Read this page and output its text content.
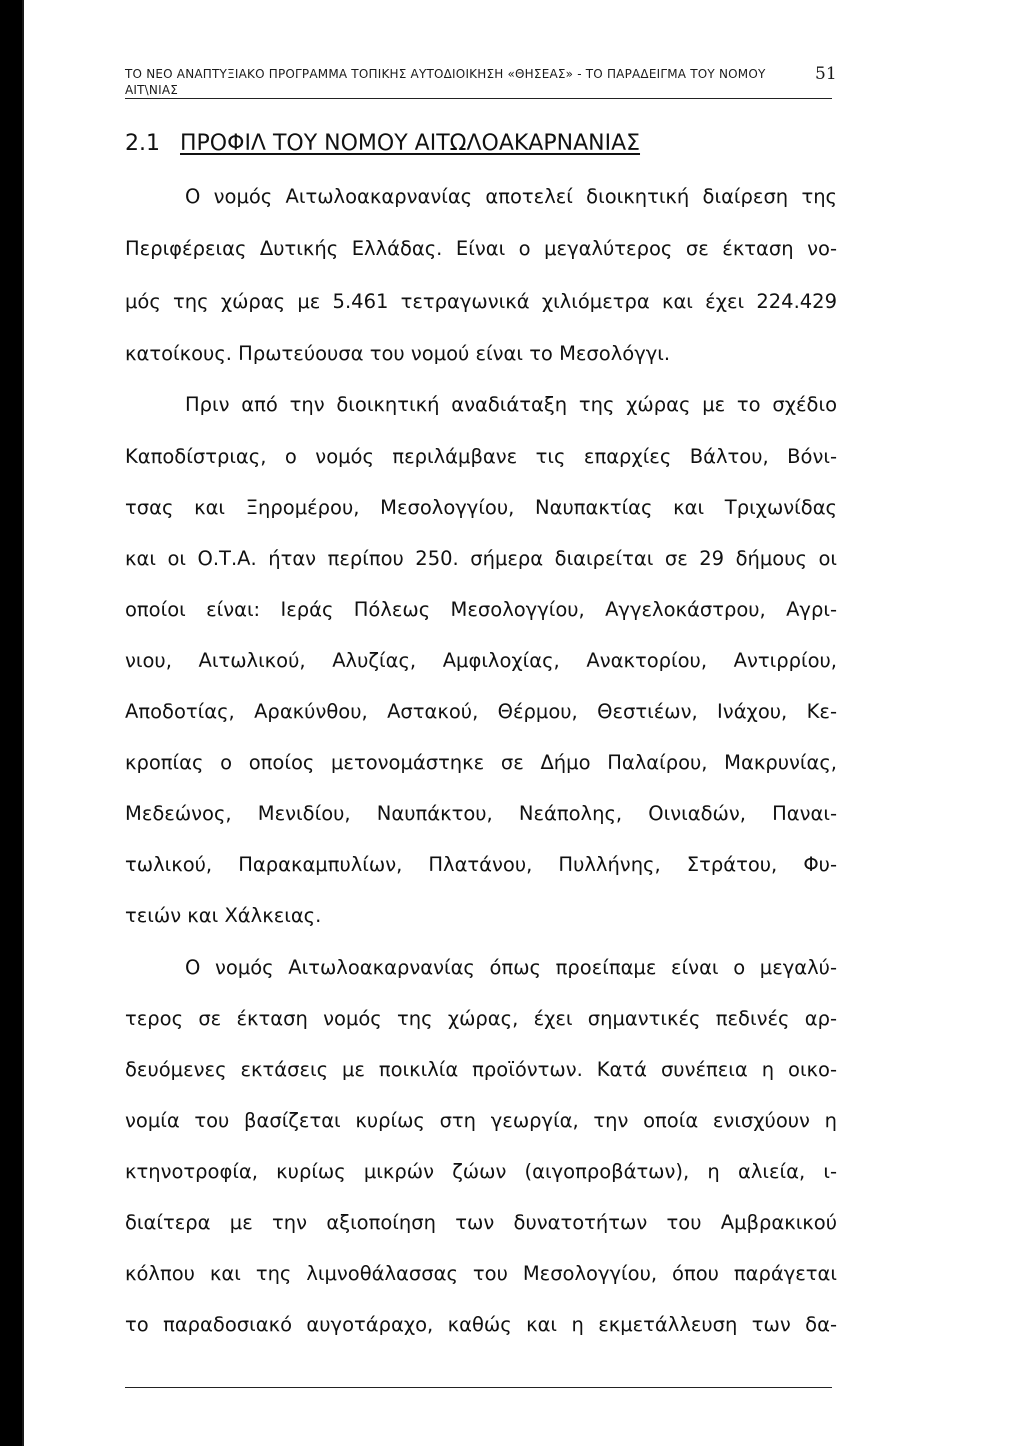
ΤΟ ΝΕΟ ΑΝΑΠΤΥΞΙΑΚΟ ΠΡΟΓΡΑΜΜΑ ΤΟΠΙΚΗΣ ΑΥΤΟΔΙΟΙΚΗΣΗ «ΘΗΣΕΑΣ» - ΤΟ ΠΑΡΑΔΕΙΓΜΑ ΤΟΥ ΝΟΜΟΥ
ΑΙΤ\ΝΙΑΣ
51
2.1 ΠΡΟΦΙΛ ΤΟΥ ΝΟΜΟΥ ΑΙΤΩΛΟΑΚΑΡΝΑΝΙΑΣ
Ο νομός Αιτωλοακαρνανίας αποτελεί διοικητική διαίρεση της
Περιφέρειας Δυτικής Ελλάδας. Είναι ο μεγαλύτερος σε έκταση νο-
μός της χώρας με 5.461 τετραγωνικά χιλιόμετρα και έχει 224.429
κατοίκους. Πρωτεύουσα του νομού είναι το Μεσολόγγι.
Πριν από την διοικητική αναδιάταξη της χώρας με το σχέδιο
Καποδίστριας, ο νομός περιλάμβανε τις επαρχίες Βάλτου, Βόνι-
τσας και Ξηρομέρου, Μεσολογγίου, Ναυπακτίας και Τριχωνίδας
και οι Ο.Τ.Α. ήταν περίπου 250. σήμερα διαιρείται σε 29 δήμους οι
οποίοι είναι: Ιεράς Πόλεως Μεσολογγίου, Αγγελοκάστρου, Αγρι-
νιου, Αιτωλικού, Αλυζίας, Αμφιλοχίας, Ανακτορίου, Αντιρρίου,
Αποδοτίας, Αρακύνθου, Αστακού, Θέρμου, Θεστιέων, Ινάχου, Κε-
κροπίας ο οποίος μετονομάστηκε σε Δήμο Παλαίρου, Μακρυνίας,
Μεδεώνος, Μενιδίου, Ναυπάκτου, Νεάπολης, Οινιαδών, Παναι-
τωλικού, Παρακαμπυλίων, Πλατάνου, Πυλλήνης, Στράτου, Φυ-
τειών και Χάλκειας.
Ο νομός Αιτωλοακαρνανίας όπως προείπαμε είναι ο μεγαλύ-
τερος σε έκταση νομός της χώρας, έχει σημαντικές πεδινές αρ-
δευόμενες εκτάσεις με ποικιλία προϊόντων. Κατά συνέπεια η οικο-
νομία του βασίζεται κυρίως στη γεωργία, την οποία ενισχύουν η
κτηνοτροφία, κυρίως μικρών ζώων (αιγοπροβάτων), η αλιεία, ι-
διαίτερα με την αξιοποίηση των δυνατοτήτων του Αμβρακικού
κόλπου και της λιμνοθάλασσας του Μεσολογγίου, όπου παράγεται
το παραδοσιακό αυγοτάραχο, καθώς και η εκμετάλλευση των δα-
